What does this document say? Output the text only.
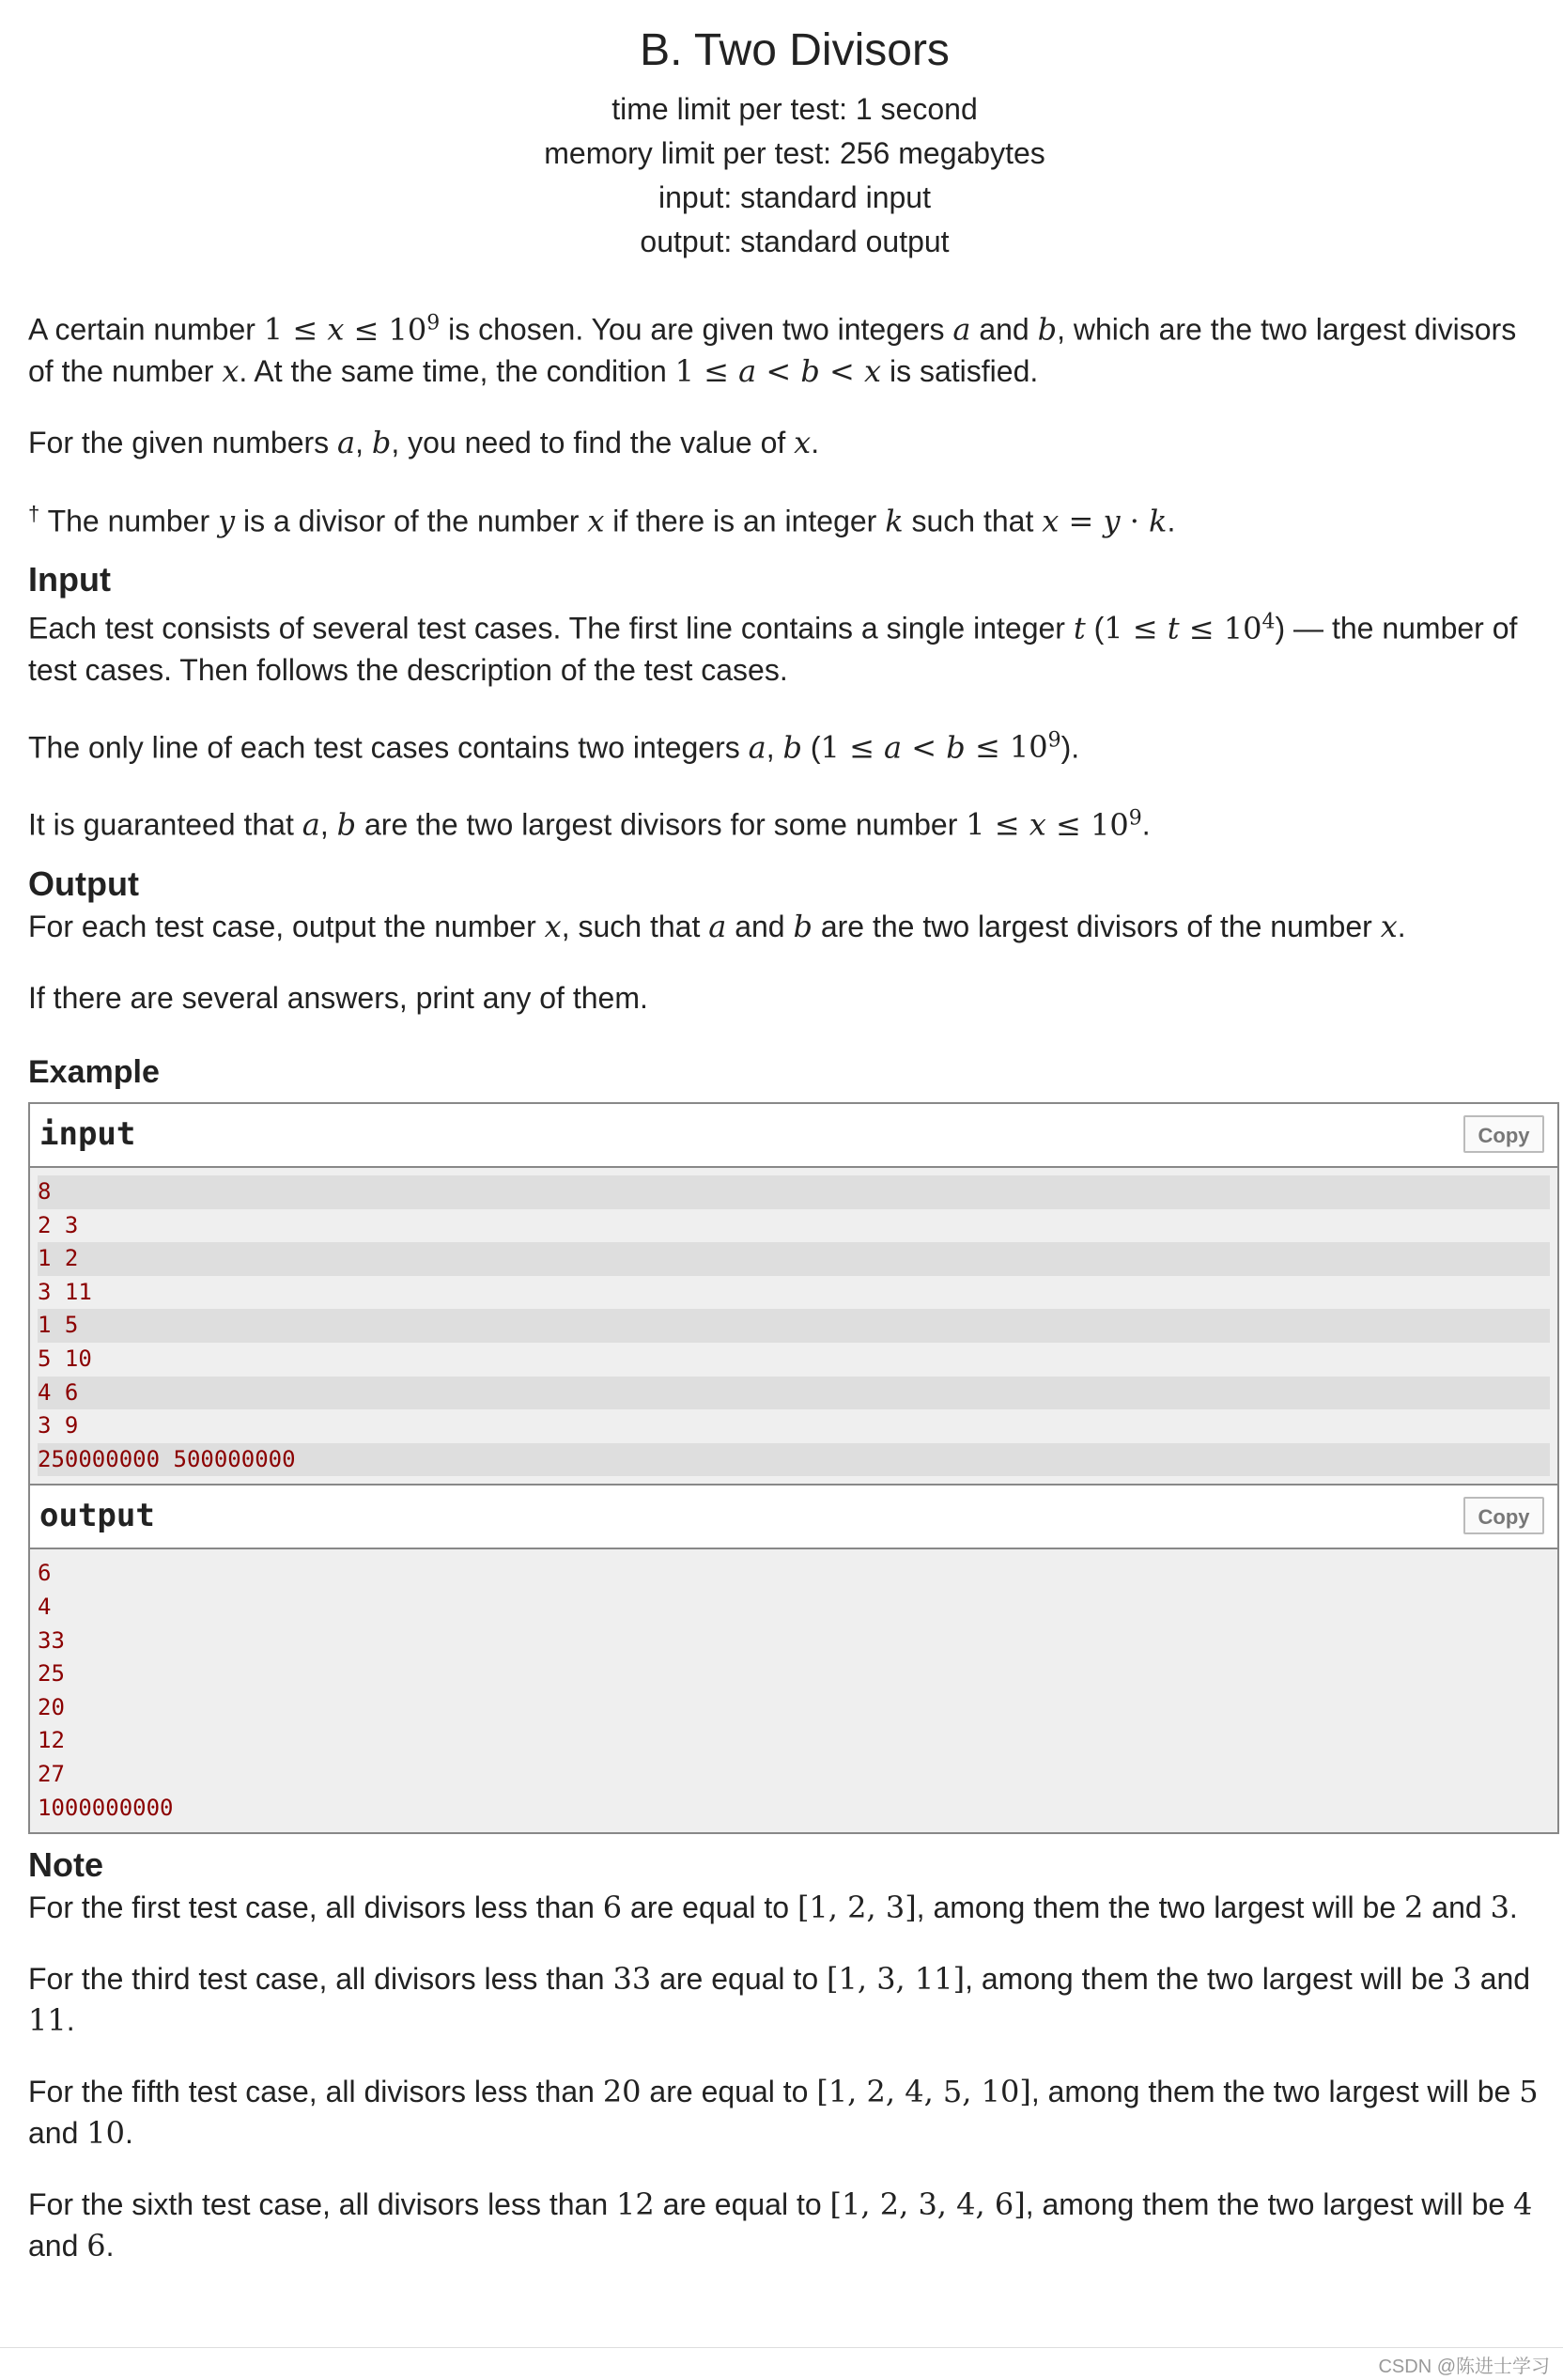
B. Two Divisors
time limit per test: 1 second
memory limit per test: 256 megabytes
input: standard input
output: standard output

A certain number $1 \le x \le 10^9$ is chosen. You are given two integers a and b, which are the two largest divisors of the number x. At the same time, the condition 1 ≤ a < b < x is satisfied.

For the given numbers a, b, you need to find the value of x.

† The number y is a divisor of the number x if there is an integer k such that x = y · k.

Input

Each test consists of several test cases. The first line contains a single integer t $(1 \le t \le 10^4)$ — the number of test cases. Then follows the description of the test cases.

The only line of each test cases contains two integers a, b $(1 \le a < b \le 10^9)$.

It is guaranteed that a, b are the two largest divisors for some number $1 \le x \le 10^9$.

Output

For each test case, output the number x, such that a and b are the two largest divisors of the number x.

If there are several answers, print any of them.

Example
input	Copy
8
2 3
1 2
3 11
1 5
5 10
4 6
3 9
250000000 500000000
output	Copy
6
4
33
25
20
12
27
1000000000
Note

For the first test case, all divisors less than 6 are equal to [1, 2, 3], among them the two largest will be 2 and 3.

For the third test case, all divisors less than 33 are equal to [1, 3, 11], among them the two largest will be 3 and 11.

For the fifth test case, all divisors less than 20 are equal to [1, 2, 4, 5, 10], among them the two largest will be 5 and 10.

For the sixth test case, all divisors less than 12 are equal to [1, 2, 3, 4, 6], among them the two largest will be 4 and 6.

CSDN @陈进士学习
